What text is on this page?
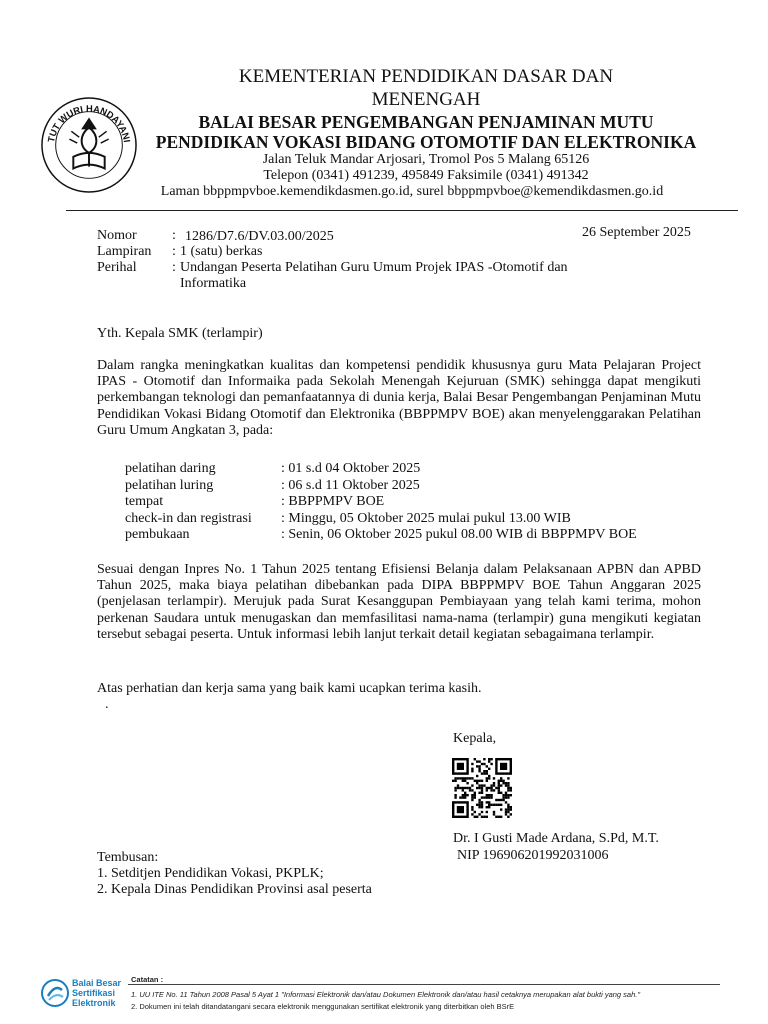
TUT WURI HANDAYANI
KEMENTERIAN PENDIDIKAN DASAR DAN
MENENGAH
BALAI BESAR PENGEMBANGAN PENJAMINAN MUTU
PENDIDIKAN VOKASI BIDANG OTOMOTIF DAN ELEKTRONIKA
Jalan Teluk Mandar Arjosari, Tromol Pos 5 Malang 65126
Telepon (0341) 491239, 495849 Faksimile (0341) 491342
Laman bbppmpvboe.kemendikdasmen.go.id, surel bbppmpvboe@kemendikdasmen.go.id
Nomor	: 1286/D7.6/DV.03.00/2025	26 September 2025
Lampiran : 1 (satu) berkas
Perihal	: Undangan Peserta Pelatihan Guru Umum Projek IPAS -Otomotif dan
Informatika
Yth. Kepala SMK (terlampir)
Dalam rangka meningkatkan kualitas dan kompetensi pendidik khususnya guru Mata Pelajaran Project IPAS - Otomotif dan Informaika pada Sekolah Menengah Kejuruan (SMK) sehingga dapat mengikuti perkembangan teknologi dan pemanfaatannya di dunia kerja, Balai Besar Pengembangan Penjaminan Mutu Pendidikan Vokasi Bidang Otomotif dan Elektronika (BBPPMPV BOE) akan menyelenggarakan Pelatihan Guru Umum Angkatan 3, pada:
pelatihan daring	: 01 s.d 04 Oktober 2025
pelatihan luring	: 06 s.d 11 Oktober 2025
tempat	: BBPPMPV BOE
check-in dan registrasi : Minggu, 05 Oktober 2025 mulai pukul 13.00 WIB
pembukaan	: Senin, 06 Oktober 2025 pukul 08.00 WIB di BBPPMPV BOE
Sesuai dengan Inpres No. 1 Tahun 2025 tentang Efisiensi Belanja dalam Pelaksanaan APBN dan APBD Tahun 2025, maka biaya pelatihan dibebankan pada DIPA BBPPMPV BOE Tahun Anggaran 2025 (penjelasan terlampir). Merujuk pada Surat Kesanggupan Pembiayaan yang telah kami terima, mohon perkenan Saudara untuk menugaskan dan memfasilitasi nama-nama (terlampir) guna mengikuti kegiatan tersebut sebagai peserta. Untuk informasi lebih lanjut terkait detail kegiatan sebagaimana terlampir.
Atas perhatian dan kerja sama yang baik kami ucapkan terima kasih.
.
Kepala,
Dr. I Gusti Made Ardana, S.Pd, M.T.
NIP 196906201992031006
Tembusan:
1. Setditjen Pendidikan Vokasi, PKPLK;
2. Kepala Dinas Pendidikan Provinsi asal peserta
Balai Besar
Sertifikasi
Elektronik
Catatan :
1. UU ITE No. 11 Tahun 2008 Pasal 5 Ayat 1 "Informasi Elektronik dan/atau Dokumen Elektronik dan/atau hasil cetaknya merupakan alat bukti yang sah."
2. Dokumen ini telah ditandatangani secara elektronik menggunakan sertifikat elektronik yang diterbitkan oleh BSrE
